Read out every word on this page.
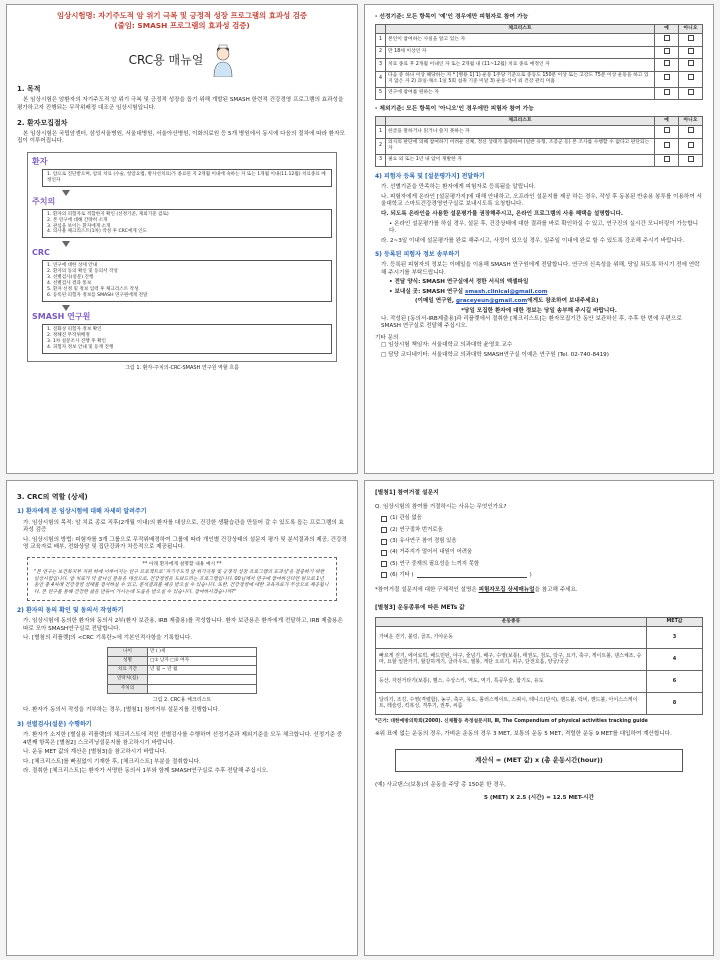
임상시험명: 자기주도적 암 위기 극복 및 긍정적 성장 프로그램의 효과성 검증
(줄임: SMASH 프로그램의 효과성 검증)
CRC용 매뉴얼
1. 목적
본 임상시험은 암환자의 자기주도적 암 위기 극복 및 긍정적 성장을 돕기 위해 개발된 SMASH 한련적 건강경영 프로그램의 효과성을 평가하고자 진행되는 무작위배정 대조군 임상시험입니다.
2. 환자모집절차
본 임상시험은 국립암센터, 삼성서울병원, 서울대병원, 서울아산병원, 이화의료원 등 5개 병원에서 동시에 다음의 절차에 따라 환자모집이 이루어집니다.
환자
1. 암으로 진단받으며, 암의 치료 (수술, 항암요법, 방사선치료)가 종료된 지 2개월 이내에 속하는 자 또는 1개월 이내(11.12월) 치료종료 예정인자
주치의
1. 환자의 피험자로 적합한지 확인 (선정기준, 제외기준 검토)
2. 본 연구에 대해 간략히 소개
3. 관심을 보이는 환자에게 소개
4. 의사용 체크리스트(1차) 작성 후 CRC에게 인도
CRC
1. 연구에 대한 상세 안내
2. 환자의 동의 확인 및 동의서 작성
3. 선별검사(설문) 진행
4. 선별검사 결과 통보
5. 환자 선정 및 정보 입력 후 체크리스트 작성
6. 등록된 피험자 정보를 SMASH 연구원에게 전달
SMASH 연구원
1. 전화상 피험자 정보 확인
2. 정해진 무작위배정
3. 1차 설문조사 진행 후 확인
4. 피험자 정보 안내 및 등재 진행
그림 1. 환자-주치의-CRC-SMASH 연구원 역할 흐름
- 선정기준: 모든 항목이 '예'인 경우에만 피험자로 참여 가능
	체크리스트	예	아니오
1	본인이 참여하는 사실을 알고 있는 자		
2	만 18세 이상인 자		
3	치료 종료 후 2개월 이내인 자 또는 2개월 내 (11~12월) 치료 종료 예정인 자		
4	다음 중 하나 이상 해당하는 자 * [병용 1] 1) 운동 1주당 기준으로 중등도 150분 이상 또는 고강도 75분 이상 운동을 하고 있지 않은 자 2) 과일·채소 1일 5회 섭취 기준 미달 3) 운동·식이 외 건강 관리 미흡		
5	연구에 참여를 원하는 자		
- 제외기준: 모든 항목이 '아니오'인 경우에만 피험자 참여 가능
	체크리스트	예	아니오
1	한글을 말하거나 읽거나 쓸지 못하는 자		
2	의사의 판단에 의해 참여하기 어려운 신체, 정신 상태가 불량하여 (일반 유형, 조증군 등) 본 조사를 수행할 수 없다고 판단되는 자		
3	필요 외 또는 1년 내 암이 재발한 자		
4) 피험자 등록 및 [설문평가지] 전달하기
가. 선별기준을 만족하는 환자에게 피험자로 등록됨을 알립니다.
나. 피험자에게 온라인 [설문평가지]에 대해 안내하고, 오프라인 설문지를 제공 하는 경우, 작성 후 동봉된 반송용 봉투를 이용하여 서울대학교 스마트건강경영연구실로 보내시도록 요청합니다.
다. 되도록 온라인을 사용한 설문평가를 권장해주시고, 온라인 프로그램의 사용 혜택을 설명합니다.
• 온라인 설문평가를 하실 경우, 설문 후, 건강상태에 대한 결과를 바로 확인하실 수 있고, 연구진의 실시간 모니터링이 가능합니다.
라. 2~3일 이내에 설문평가를 완료 해주시고, 사정이 있으실 경우, 일주일 이내에 완료 할 수 있도록 강조해 주시기 바랍니다.
5) 등록된 피험자 정보 송부하기
가. 등록된 피험자의 정보는 이메일을 이용해 SMASH 연구원에게 전달합니다. 연구의 신속성을 위해, 당일 되도록 하시기 전에 연락해 주시기를 부탁드립니다.
• 전달 양식: SMASH 연구실에서 정한 서식의 엑셀파일
• 보내실 곳: SMASH 연구실 smash.clinical@gmail.com
(이메일 연구원, graceyeun@gmail.com에게도 참조하여 보내주세요)
*당일 모집한 환자에 대한 정보는 당일 송부해 주시길 바랍니다.
나. 작성된 [동의서-IRB제출용]과 리플렛에서 절취한 [체크리스트]는 환자모집기간 동안 보관하신 후, 추후 한 번에 우편으로 SMASH 연구실로 전달해 주십시오.
기타 문의
□ 임상시험 책임자: 서울대학교 의과대학 윤영호 교수
□ 담당 코디네이터: 서울대학교 의과대학 SMASH연구실 이예은 연구원 (Tel. 02-740-8419)
3. CRC의 역할 (상세)
1) 환자에게 본 임상시험에 대해 자세히 알려주기
가. 임상시험의 목적: 암 치료 종료 직후(2개월 이내)의 환자를 대상으로, 건강한 생활습관을 만들어 갈 수 있도록 돕는 프로그램의 효과성 검증
나. 임상시험의 방법: 피험자를 3개 그룹으로 무작위배정하여 그룹에 따라 개인별 건강상태의 설문지 평가 및 분석결과의 제공, 건강경영 교육자료 배부, 전화상담 및 집단강좌가 차등적으로 제공됩니다.
** 아래 환자에게 설명할 내용 예시 **
"본 연구는 보건복지부 지원 하에 이루어지는 연구 프로젝트로 '자기주도적 암 위기극복 및 긍정적 성장 프로그램의 효과성'을 검증하기 위한 임상시험입니다. 암 치료가 막 끝나신 분들을 대상으로, 건강경영을 도와드리는 프로그램입니다. 00님께서 연구에 참여하신다면 앞으로 1년 동안 총 4차례 건강경영 상태를 검사하실 수 있고, 분석결과를 제공 받으실 수 있습니다. 또한, 건강경영에 대한 교육자료가 무상으로 제공됩니다. 본 연구를 통해 건강한 삶을 만들어 가시는데 도움을 받으실 수 있습니다. 참여하시겠습니까?"
2) 환자의 동의 확인 및 동의서 작성하기
가. 임상시험에 동의한 환자와 동의서 2부(환자 보관용, IRB 제출용)를 작성합니다. 환자 보관용은 환자에게 전달하고, IRB 제출용은 따로 모아 SMASH연구실로 전달합니다.
나. [별첨의 리플렛]의 <CRC 기록란>에 기본인적사항을 기록합니다.
나이	만 ( )세
성별	□① 남자 □② 여자
치료 기간	년 월 ~ 년 월
연락처(집)	
주치의	
그림 2. CRC용 체크리스트
다. 환자가 동의서 작성을 거부하는 경우, [별첨1] 참여거부 설문지를 진행합니다.
3) 선별검사(설문) 수행하기
가. 환자가 소지한 [별실용 리플렛]의 체크리스트에 적힌 선별검사를 수행하여 선정기준과 제외기준을 모두 체크합니다. 선정기준 중 4번째 항목은 [별첨2] 스크리닝설문지를 참고하시기 바랍니다.
나. 운동 MET 값의 계산은 [별첨3]을 참고하시기 바랍니다.
다. [체크리스트]를 빠짐없이 기재한 후, [체크리스트] 부분을 절취합니다.
라. 절취한 [체크리스트]는 환자가 서명한 동의서 1부와 함께 SMASH연구실로 추후 전달해 주십시오.
[별첨1] 참여거절 설문지
Q. 임상시험의 참여를 거절하시는 사유는 무엇인가요?
(1) 관심 없음
(2) 연구절차 번거로움
(3) 유사연구 참여 경험 있음
(4) 거주지가 멀어서 내원이 어려움
(5) 연구 중재의 필요성을 느끼지 못함
(6) 기타 (	)
*참여거절 설문지에 대한 구체적인 설명은 피험자모집 상세매뉴얼을 참고해 주세요.
[별첨3] 운동종류에 따른 METs 값
운동종류	MET값
가벼운 걷기, 볼링, 골프, 가야운동	3
빠르게 걷기, 에어로빅, 배드민턴, 야구, 줄넘기, 배구, 수영(보통), 태권도, 검도, 탁구, 요가, 축구, 게이트볼, 댄스체조, 승마, 요할 일한가기, 할갈하게기, 클라우트, 필봉, 게단 오르기, 피구, 단전호흡, 양궁/국궁	4
등산, 자전거타기(보통), 헬스, 수상스키, 역도, 역기, 특공무술, 합기도, 유도	6
달리기, 조깅, 수영(격렬함), 농구, 축구, 유도, 롤러스케이트, 스쿼시, 테니스(단식), 핸드볼, 럭비, 핸드볼, 아이스스케이트, 레슬링, 킥복싱, 격투기, 권투, 씨름	8
*근거: 대한예방의학회(2000). 신체활동 측정설문지II, Ⅲ, The Compendium of physical activities tracking guide
※위 표에 없는 운동의 경우, 가벼운 운동의 경우 3 MET, 보통의 운동 5 MET, 격렬한 운동 9 MET를 대입하여 계산합니다.
계산식 = (MET 값) x (총 운동시간(hour))
(예) 사교댄스(보통)의 운동을 주당 총 150분 한 경우,
5 (MET) X 2.5 (시간) = 12.5 MET-시간
